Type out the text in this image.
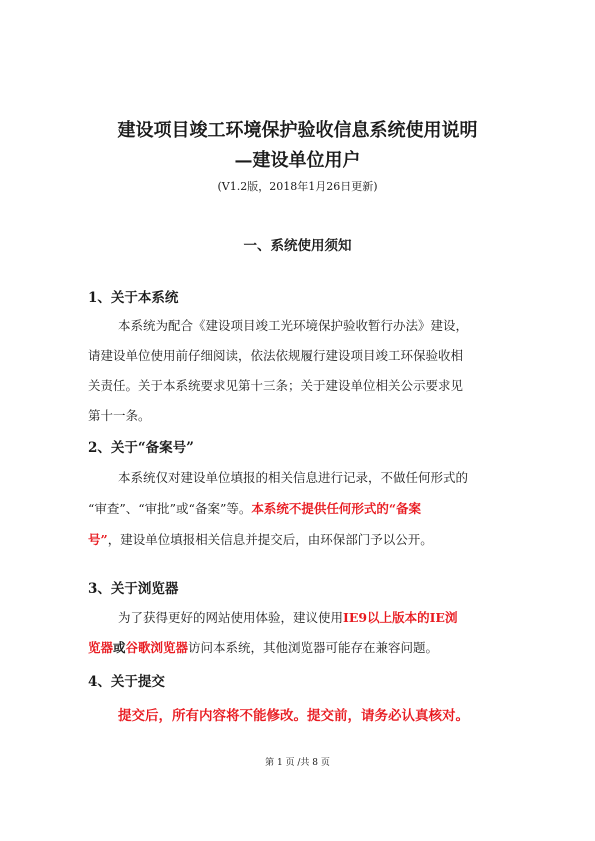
建设项目竣工环境保护验收信息系统使用说明
—建设单位用户
(V1.2版，2018年1月26日更新)
一、系统使用须知
1、关于本系统
本系统为配合《建设项目竣工光环境保护验收暂行办法》建设，
请建设单位使用前仔细阅读，依法依规履行建设项目竣工环保验收相
关责任。关于本系统要求见第十三条；关于建设单位相关公示要求见
第十一条。
2、关于“备案号”
本系统仅对建设单位填报的相关信息进行记录，不做任何形式的
“审查”、“审批”或“备案”等。本系统不提供任何形式的“备案
号”，建设单位填报相关信息并提交后，由环保部门予以公开。
3、关于浏览器
为了获得更好的网站使用体验，建议使用IE9以上版本的IE浏
览器或谷歌浏览器访问本系统，其他浏览器可能存在兼容问题。
4、关于提交
提交后，所有内容将不能修改。提交前，请务必认真核对。
第 1 页 /共 8 页
